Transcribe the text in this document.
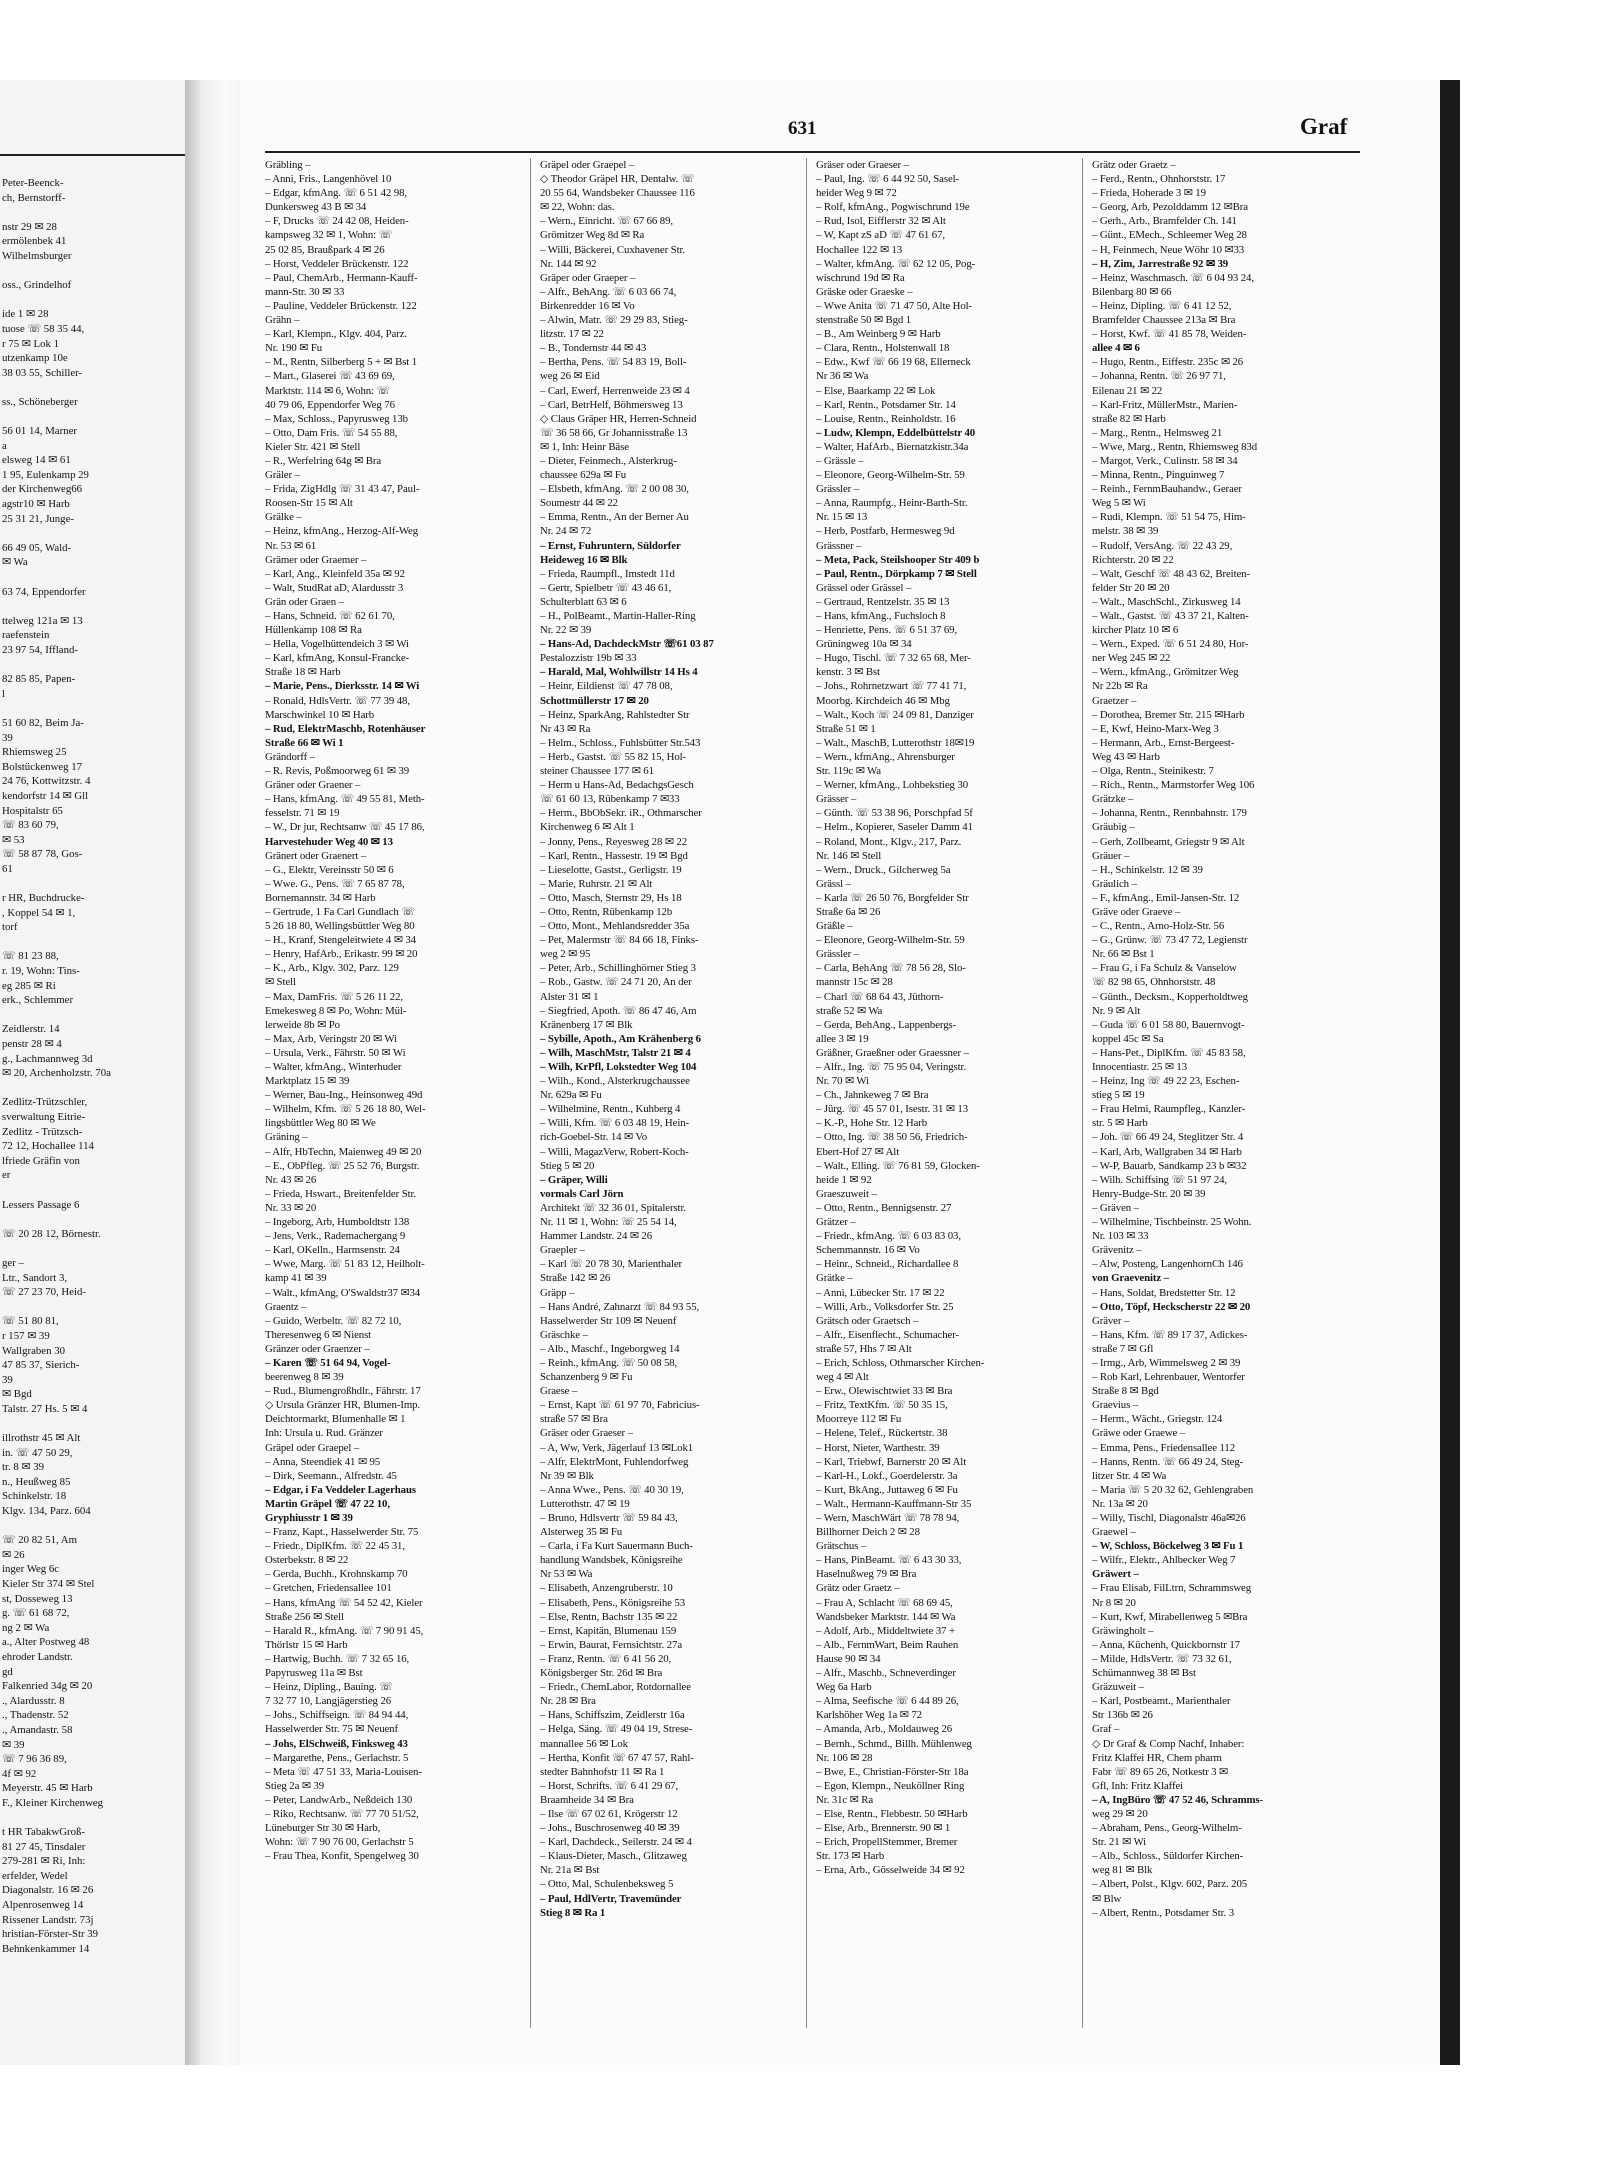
Peter-Beenck-
ch, Bernstorff-

nstr 29 ✉ 28
ermölenbek 41
Wilhelmsburger

oss., Grindelhof

ide 1 ✉ 28
tuose ☏ 58 35 44,
r 75 ✉ Lok 1
utzenkamp 10e
38 03 55, Schiller-

ss., Schöneberger

56 01 14, Marner
a
elsweg 14 ✉ 61
1 95, Eulenkamp 29
der Kirchenweg66
agstr10 ✉ Harb
25 31 21, Junge-

66 49 05, Wald-
✉ Wa

63 74, Eppendorfer

ttelweg 121a ✉ 13
raefenstein
23 97 54, Iffland-

82 85 85, Papen-
l

51 60 82, Beim Ja-
39
Rhiemsweg 25
Bolstückenweg 17
24 76, Kottwitzstr. 4
kendorfstr 14 ✉ Gll
Hospitalstr 65
☏ 83 60 79,
✉ 53
☏ 58 87 78, Gos-
61

r HR, Buchdrucke-
, Koppel 54 ✉ 1,
torf

☏ 81 23 88,
r. 19, Wohn: Tins-
eg 285 ✉ Ri
erk., Schlemmer

Zeidlerstr. 14
penstr 28 ✉ 4
g., Lachmannweg 3d
✉ 20, Archenholzstr. 70a

Zedlitz-Trützschler,
sverwaltung Eitrie-
Zedlitz - Trützsch-
72 12, Hochallee 114
lfriede Gräfin von
er

Lessers Passage 6

☏ 20 28 12, Börnestr.

ger –
Ltr., Sandort 3,
☏ 27 23 70, Heid-

☏ 51 80 81,
r 157 ✉ 39
Wallgraben 30
47 85 37, Sierich-
39
✉ Bgd
Talstr. 27 Hs. 5 ✉ 4

illrothstr 45 ✉ Alt
in. ☏ 47 50 29,
tr. 8 ✉ 39
n., Heußweg 85
Schinkelstr. 18
Klgv. 134, Parz. 604

☏ 20 82 51, Am
✉ 26
inger Weg 6c
Kieler Str 374 ✉ Stel
st, Dosseweg 13
g. ☏ 61 68 72,
ng 2 ✉ Wa
a., Alter Postweg 48
ehroder Landstr.
gd
Falkenried 34g ✉ 20
., Alardusstr. 8
., Thadenstr. 52
., Amandastr. 58
✉ 39
☏ 7 96 36 89,
4f ✉ 92
Meyerstr. 45 ✉ Harb
F., Kleiner Kirchenweg

t HR TabakwGroß-
81 27 45, Tinsdaler
279-281 ✉ Ri, Inh:
erfelder, Wedel
Diagonalstr. 16 ✉ 26
Alpenrosenweg 14
Rissener Landstr. 73j
hristian-Förster-Str 39
Behnkenkammer 14
631	Graf
Gräbling –
– Anni, Fris., Langenhövel 10
– Edgar, kfmAng. ☏ 6 51 42 98,
Dunkersweg 43 B ✉ 34
– F, Drucks ☏ 24 42 08, Heiden-
kampsweg 32 ✉ 1, Wohn: ☏
25 02 85, Braußpark 4 ✉ 26
– Horst, Veddeler Brückenstr. 122
– Paul, ChemArb., Hermann-Kauff-
mann-Str. 30 ✉ 33
– Pauline, Veddeler Brückenstr. 122
Grähn –
– Karl, Klempn., Klgv. 404, Parz.
Nr. 190 ✉ Fu
– M., Rentn, Silberberg 5 + ✉ Bst 1
– Mart., Glaserei ☏ 43 69 69,
Marktstr. 114 ✉ 6, Wohn: ☏
40 79 06, Eppendorfer Weg 76
– Max, Schloss., Papyrusweg 13b
– Otto, Dam Fris. ☏ 54 55 88,
Kieler Str. 421 ✉ Stell
– R., Werfelring 64g ✉ Bra
Gräler –
– Frida, ZigHdlg ☏ 31 43 47, Paul-
Roosen-Str 15 ✉ Alt
Grälke –
– Heinz, kfmAng., Herzog-Alf-Weg
Nr. 53 ✉ 61
Grämer oder Graemer –
– Karl, Ang., Kleinfeld 35a ✉ 92
– Walt, StudRat aD, Alardusstr 3
Grän oder Graen –
– Hans, Schneid. ☏ 62 61 70,
Hüllenkamp 108 ✉ Ra
– Hella, Vogelhüttendeich 3 ✉ Wi
– Karl, kfmAng, Konsul-Francke-
Straße 18 ✉ Harb
– Marie, Pens., Dierksstr. 14 ✉ Wi
– Ronald, HdlsVertr. ☏ 77 39 48,
Marschwinkel 10 ✉ Harb
– Rud, ElektrMaschb, Rotenhäuser
Straße 66 ✉ Wi 1
Grändorff –
– R. Revis, Poßmoorweg 61 ✉ 39
Gräner oder Graener –
– Hans, kfmAng. ☏ 49 55 81, Meth-
fesselstr. 71 ✉ 19
– W., Dr jur, Rechtsanw ☏ 45 17 86,
Harvestehuder Weg 40 ✉ 13
Gränert oder Graenert –
– G., Elektr, Vereinsstr 50 ✉ 6
– Wwe. G., Pens. ☏ 7 65 87 78,
Bornemannstr. 34 ✉ Harb
– Gertrude, 1 Fa Carl Gundlach ☏
5 26 18 80, Wellingsbüttler Weg 80
– H., Kranf, Stengeleitwiete 4 ✉ 34
– Henry, HafArb., Erikastr. 99 ✉ 20
– K., Arb., Klgv. 302, Parz. 129
✉ Stell
– Max, DamFris. ☏ 5 26 11 22,
Emekesweg 8 ✉ Po, Wohn: Mül-
lerweide 8b ✉ Po
– Max, Arb, Veringstr 20 ✉ Wi
– Ursula, Verk., Fährstr. 50 ✉ Wi
– Walter, kfmAng., Winterhuder
Marktplatz 15 ✉ 39
– Werner, Bau-Ing., Heinsonweg 49d
– Wilhelm, Kfm. ☏ 5 26 18 80, Wel-
lingsbüttler Weg 80 ✉ We
Gräning –
– Alfr, HbTechn, Maienweg 49 ✉ 20
– E., ObPfleg. ☏ 25 52 76, Burgstr.
Nr. 43 ✉ 26
– Frieda, Hswart., Breitenfelder Str.
Nr. 33 ✉ 20
– Ingeborg, Arb, Humboldtstr 138
– Jens, Verk., Rademachergang 9
– Karl, OKelln., Harmsenstr. 24
– Wwe, Marg. ☏ 51 83 12, Heilholt-
kamp 41 ✉ 39
– Walt., kfmAng, O'Swaldstr37 ✉34
Graentz –
– Guido, Werbeltr. ☏ 82 72 10,
Theresenweg 6 ✉ Nienst
Gränzer oder Graenzer –
– Karen ☏ 51 64 94, Vogel-
beerenweg 8 ✉ 39
– Rud., Blumengroßhdlr., Fährstr. 17
◇ Ursula Gränzer HR, Blumen-Imp.
Deichtormarkt, Blumenhalle ✉ 1
Inh: Ursula u. Rud. Gränzer
Gräpel oder Graepel –
– Anna, Steendiek 41 ✉ 95
– Dirk, Seemann., Alfredstr. 45
– Edgar, i Fa Veddeler Lagerhaus
Martin Gräpel ☏ 47 22 10,
Gryphiusstr 1 ✉ 39
– Franz, Kapt., Hasselwerder Str. 75
– Friedr., DiplKfm. ☏ 22 45 31,
Osterbekstr. 8 ✉ 22
– Gerda, Buchh., Krohnskamp 70
– Gretchen, Friedensallee 101
– Hans, kfmAng ☏ 54 52 42, Kieler
Straße 256 ✉ Stell
– Harald R., kfmAng. ☏ 7 90 91 45,
Thörlstr 15 ✉ Harb
– Hartwig, Buchh. ☏ 7 32 65 16,
Papyrusweg 11a ✉ Bst
– Heinz, Dipling., Bauing. ☏
7 32 77 10, Langjägerstieg 26
– Johs., Schiffseign. ☏ 84 94 44,
Hasselwerder Str. 75 ✉ Neuenf
– Johs, ElSchweiß, Finksweg 43
– Margarethe, Pens., Gerlachstr. 5
– Meta ☏ 47 51 33, Maria-Louisen-
Stieg 2a ✉ 39
– Peter, LandwArb., Neßdeich 130
– Riko, Rechtsanw. ☏ 77 70 51/52,
Lüneburger Str 30 ✉ Harb,
Wohn: ☏ 7 90 76 00, Gerlachstr 5
– Frau Thea, Konfit, Spengelweg 30
Gräpel oder Graepel –
◇ Theodor Gräpel HR, Dentalw. ☏
20 55 64, Wandsbeker Chaussee 116
✉ 22, Wohn: das.
– Wern., Einricht. ☏ 67 66 89,
Grömitzer Weg 8d ✉ Ra
– Willi, Bäckerei, Cuxhavener Str.
Nr. 144 ✉ 92
Gräper oder Graeper –
– Alfr., BehAng. ☏ 6 03 66 74,
Birkenredder 16 ✉ Vo
– Alwin, Matr. ☏ 29 29 83, Stieg-
litzstr. 17 ✉ 22
– B., Tondernstr 44 ✉ 43
– Bertha, Pens. ☏ 54 83 19, Boll-
weg 26 ✉ Eid
– Carl, Ewerf, Herrenweide 23 ✉ 4
– Carl, BetrHelf, Böhmersweg 13
◇ Claus Gräper HR, Herren-Schneid
☏ 36 58 66, Gr Johannisstraße 13
✉ 1, Inh: Heinr Bäse
– Dieter, Feinmech., Alsterkrug-
chaussee 629a ✉ Fu
– Elsbeth, kfmAng. ☏ 2 00 08 30,
Soumestr 44 ✉ 22
– Emma, Rentn., An der Berner Au
Nr. 24 ✉ 72
– Ernst, Fuhruntern, Süldorfer
Heideweg 16 ✉ Blk
– Frieda, Raumpfl., Imstedt 11d
– Gertr, Spielbetr ☏ 43 46 61,
Schulterblatt 63 ✉ 6
– H., PolBeamt., Martin-Haller-Ring
Nr. 22 ✉ 39
– Hans-Ad, DachdeckMstr ☏61 03 87
Pestalozzistr 19b ✉ 33
– Harald, Mal, Wohlwillstr 14 Hs 4
– Heinr, Eildienst ☏ 47 78 08,
Schottmüllerstr 17 ✉ 20
– Heinz, SparkAng, Rahlstedter Str
Nr 43 ✉ Ra
– Helm., Schloss., Fuhlsbütter Str.543
– Herb., Gastst. ☏ 55 82 15, Hol-
steiner Chaussee 177 ✉ 61
– Herm u Hans-Ad, BedachgsGesch
☏ 61 60 13, Rübenkamp 7 ✉33
– Herm., BbObSekr. iR., Othmarscher
Kirchenweg 6 ✉ Alt 1
– Jonny, Pens., Reyesweg 28 ✉ 22
– Karl, Rentn., Hassestr. 19 ✉ Bgd
– Lieselotte, Gastst., Gerligstr. 19
– Marie, Ruhrstr. 21 ✉ Alt
– Otto, Masch, Sternstr 29, Hs 18
– Otto, Rentn, Rübenkamp 12b
– Otto, Mont., Mehlandsredder 35a
– Pet, Malermstr ☏ 84 66 18, Finks-
weg 2 ✉ 95
– Peter, Arb., Schillinghörner Stieg 3
– Rob., Gastw. ☏ 24 71 20, An der
Alster 31 ✉ 1
– Siegfried, Apoth. ☏ 86 47 46, Am
Kränenberg 17 ✉ Blk
– Sybille, Apoth., Am Krähenberg 6
– Wilh, MaschMstr, Talstr 21 ✉ 4
– Wilh, KrPfl, Lokstedter Weg 104
– Wilh., Kond., Alsterkrugchaussee
Nr. 629a ✉ Fu
– Wilhelmine, Rentn., Kuhberg 4
– Willi, Kfm. ☏ 6 03 48 19, Hein-
rich-Goebel-Str. 14 ✉ Vo
– Willi, MagazVerw, Robert-Koch-
Stieg 5 ✉ 20
– Gräper, Willi
vormals Carl Jörn
Architekt ☏ 32 36 01, Spitalerstr.
Nr. 11 ✉ 1, Wohn: ☏ 25 54 14,
Hammer Landstr. 24 ✉ 26
Graepler –
– Karl ☏ 20 78 30, Marienthaler
Straße 142 ✉ 26
Gräpp –
– Hans André, Zahnarzt ☏ 84 93 55,
Hasselwerder Str 109 ✉ Neuenf
Gräschke –
– Alb., Maschf., Ingeborgweg 14
– Reinh., kfmAng. ☏ 50 08 58,
Schanzenberg 9 ✉ Fu
Graese –
– Ernst, Kapt ☏ 61 97 70, Fabricius-
straße 57 ✉ Bra
Gräser oder Graeser –
– A, Ww, Verk, Jägerlauf 13 ✉Lok1
– Alfr, ElektrMont, Fuhlendorfweg
Nr 39 ✉ Blk
– Anna Wwe., Pens. ☏ 40 30 19,
Lutterothstr. 47 ✉ 19
– Bruno, Hdlsvertr ☏ 59 84 43,
Alsterweg 35 ✉ Fu
– Carla, i Fa Kurt Sauermann Buch-
handlung Wandsbek, Königsreihe
Nr 53 ✉ Wa
– Elisabeth, Anzengruberstr. 10
– Elisabeth, Pens., Königsreihe 53
– Else, Rentn, Bachstr 135 ✉ 22
– Ernst, Kapitän, Blumenau 159
– Erwin, Baurat, Fernsichtstr. 27a
– Franz, Rentn. ☏ 6 41 56 20,
Königsberger Str. 26d ✉ Bra
– Friedr., ChemLabor, Rotdornallee
Nr. 28 ✉ Bra
– Hans, Schiffszim, Zeidlerstr 16a
– Helga, Säng. ☏ 49 04 19, Strese-
mannallee 56 ✉ Lok
– Hertha, Konfit ☏ 67 47 57, Rahl-
stedter Bahnhofstr 11 ✉ Ra 1
– Horst, Schrifts. ☏ 6 41 29 67,
Braamheide 34 ✉ Bra
– Ilse ☏ 67 02 61, Krögerstr 12
– Johs., Buschrosenweg 40 ✉ 39
– Karl, Dachdeck., Seilerstr. 24 ✉ 4
– Klaus-Dieter, Masch., Glitzaweg
Nr. 21a ✉ Bst
– Otto, Mal, Schulenbeksweg 5
– Paul, HdlVertr, Travemünder
Stieg 8 ✉ Ra 1
Gräser oder Graeser –
– Paul, Ing. ☏ 6 44 92 50, Sasel-
heider Weg 9 ✉ 72
– Rolf, kfmAng., Pogwischrund 19e
– Rud, Isol, Eifflerstr 32 ✉ Alt
– W, Kapt zS aD ☏ 47 61 67,
Hochallee 122 ✉ 13
– Walter, kfmAng. ☏ 62 12 05, Pog-
wischrund 19d ✉ Ra
Gräske oder Graeske –
– Wwe Anita ☏ 71 47 50, Alte Hol-
stenstraße 50 ✉ Bgd 1
– B., Am Weinberg 9 ✉ Harb
– Clara, Rentn., Holstenwall 18
– Edw., Kwf ☏ 66 19 68, Ellerneck
Nr 36 ✉ Wa
– Else, Baarkamp 22 ✉ Lok
– Karl, Rentn., Potsdamer Str. 14
– Louise, Rentn., Reinholdstr. 16
– Ludw, Klempn, Eddelbüttelstr 40
– Walter, HafArb., Biernatzkistr.34a
– Grässle –
– Eleonore, Georg-Wilhelm-Str. 59
Grässler –
– Anna, Raumpfg., Heinr-Barth-Str.
Nr. 15 ✉ 13
– Herb, Postfarb, Hermesweg 9d
Grässner –
– Meta, Pack, Steilshooper Str 409 b
– Paul, Rentn., Dörpkamp 7 ✉ Stell
Grässel oder Grässel –
– Gertraud, Rentzelstr. 35 ✉ 13
– Hans, kfmAng., Fuchsloch 8
– Henriette, Pens. ☏ 6 51 37 69,
Grüningweg 10a ✉ 34
– Hugo, Tischl. ☏ 7 32 65 68, Mer-
kenstr. 3 ✉ Bst
– Johs., Rohrnetzwart ☏ 77 41 71,
Moorbg. Kirchdeich 46 ✉ Mbg
– Walt., Koch ☏ 24 09 81, Danziger
Straße 51 ✉ 1
– Walt., MaschB, Lutterothstr 18✉19
– Wern., kfmAng., Ahrensburger
Str. 119c ✉ Wa
– Werner, kfmAng., Lohbekstieg 30
Grässer –
– Günth. ☏ 53 38 96, Porschpfad 5f
– Helm., Kopierer, Saseler Damm 41
– Roland, Mont., Klgv., 217, Parz.
Nr. 146 ✉ Stell
– Wern., Druck., Gilcherweg 5a
Grässl –
– Karla ☏ 26 50 76, Borgfelder Str
Straße 6a ✉ 26
Gräßle –
– Eleonore, Georg-Wilhelm-Str. 59
Grässler –
– Carla, BehAng ☏ 78 56 28, Slo-
mannstr 15c ✉ 28
– Charl ☏ 68 64 43, Jüthorn-
straße 52 ✉ Wa
– Gerda, BehAng., Lappenbergs-
allee 3 ✉ 19
Gräßner, Graeßner oder Graessner –
– Alfr., Ing. ☏ 75 95 04, Veringstr.
Nr. 70 ✉ Wi
– Ch., Jahnkeweg 7 ✉ Bra
– Jürg. ☏ 45 57 01, Isestr. 31 ✉ 13
– K.-P., Hohe Str. 12 Harb
– Otto, Ing. ☏ 38 50 56, Friedrich-
Ebert-Hof 27 ✉ Alt
– Walt., Elling. ☏ 76 81 59, Glocken-
heide 1 ✉ 92
Graeszuweit –
– Otto, Rentn., Bennigsenstr. 27
Grätzer –
– Friedr., kfmAng. ☏ 6 03 83 03,
Schemmannstr. 16 ✉ Vo
– Heinr., Schneid., Richardallee 8
Grätke –
– Anni, Lübecker Str. 17 ✉ 22
– Willi, Arb., Volksdorfer Str. 25
Grätsch oder Graetsch –
– Alfr., Eisenflecht., Schumacher-
straße 57, Hhs 7 ✉ Alt
– Erich, Schloss, Othmarscher Kirchen-
weg 4 ✉ Alt
– Erw., Olewischtwiet 33 ✉ Bra
– Fritz, TextKfm. ☏ 50 35 15,
Moorreye 112 ✉ Fu
– Helene, Telef., Rückertstr. 38
– Horst, Nieter, Warthestr. 39
– Karl, Triebwf, Barnerstr 20 ✉ Alt
– Karl-H., Lokf., Goerdelerstr. 3a
– Kurt, BkAng., Juttaweg 6 ✉ Fu
– Walt., Hermann-Kauffmann-Str 35
– Wern, MaschWärt ☏ 78 78 94,
Billhorner Deich 2 ✉ 28
Grätschus –
– Hans, PinBeamt. ☏ 6 43 30 33,
Haselnußweg 79 ✉ Bra
Grätz oder Graetz –
– Frau A, Schlacht ☏ 68 69 45,
Wandsbeker Marktstr. 144 ✉ Wa
– Adolf, Arb., Middeltwiete 37 +
– Alb., FernmWart, Beim Rauhen
Hause 90 ✉ 34
– Alfr., Maschb., Schneverdinger
Weg 6a Harb
– Alma, Seefische ☏ 6 44 89 26,
Karlshöher Weg 1a ✉ 72
– Amanda, Arb., Moldauweg 26
– Bernh., Schmd., Billh. Mühlenweg
Nr. 106 ✉ 28
– Bwe, E., Christian-Förster-Str 18a
– Egon, Klempn., Neuköllner Ring
Nr. 31c ✉ Ra
– Else, Rentn., Flebbestr. 50 ✉Harb
– Else, Arb., Brennerstr. 90 ✉ 1
– Erich, PropellStemmer, Bremer
Str. 173 ✉ Harb
– Erna, Arb., Gösselweide 34 ✉ 92
Grätz oder Graetz –
– Ferd., Rentn., Ohnhorststr. 17
– Frieda, Hoherade 3 ✉ 19
– Georg, Arb, Pezolddamm 12 ✉Bra
– Gerh., Arb., Bramfelder Ch. 141
– Günt., EMech., Schleemer Weg 28
– H, Feinmech, Neue Wöhr 10 ✉33
– H, Zim, Jarrestraße 92 ✉ 39
– Heinz, Waschmasch. ☏ 6 04 93 24,
Bilenbarg 80 ✉ 66
– Heinz, Dipling. ☏ 6 41 12 52,
Bramfelder Chaussee 213a ✉ Bra
– Horst, Kwf. ☏ 41 85 78, Weiden-
allee 4 ✉ 6
– Hugo, Rentn., Eiffestr. 235c ✉ 26
– Johanna, Rentn. ☏ 26 97 71,
Eilenau 21 ✉ 22
– Karl-Fritz, MüllerMstr., Marien-
straße 82 ✉ Harb
– Marg., Rentn., Helmsweg 21
– Wwe, Marg., Rentn, Rhiemsweg 83d
– Margot, Verk., Culinstr. 58 ✉ 34
– Minna, Rentn., Pinguinweg 7
– Reinh., FernmBauhandw., Geraer
Weg 5 ✉ Wi
– Rudi, Klempn. ☏ 51 54 75, Him-
melstr. 38 ✉ 39
– Rudolf, VersAng. ☏ 22 43 29,
Richterstr. 20 ✉ 22
– Walt, Geschf ☏ 48 43 62, Breiten-
felder Str 20 ✉ 20
– Walt., MaschSchl., Zirkusweg 14
– Walt., Gastst. ☏ 43 37 21, Kalten-
kircher Platz 10 ✉ 6
– Wern., Exped. ☏ 6 51 24 80, Hor-
ner Weg 245 ✉ 22
– Wern., kfmAng., Grömitzer Weg
Nr 22b ✉ Ra
Graetzer –
– Dorothea, Bremer Str. 215 ✉Harb
– E, Kwf, Heino-Marx-Weg 3
– Hermann, Arb., Ernst-Bergeest-
Weg 43 ✉ Harb
– Olga, Rentn., Steinikestr. 7
– Rich., Rentn., Marmstorfer Weg 106
Grätzke –
– Johanna, Rentn., Rennbahnstr. 179
Gräubig –
– Gerh, Zollbeamt, Griegstr 9 ✉ Alt
Gräuer –
– H., Schinkelstr. 12 ✉ 39
Gräulich –
– F., kfmAng., Emil-Jansen-Str. 12
Gräve oder Graeve –
– C., Rentn., Arno-Holz-Str. 56
– G., Grünw. ☏ 73 47 72, Legienstr
Nr. 66 ✉ Bst 1
– Frau G, i Fa Schulz & Vanselow
☏ 82 98 65, Ohnhorststr. 48
– Günth., Decksm., Kopperholdtweg
Nr. 9 ✉ Alt
– Guda ☏ 6 01 58 80, Bauernvogt-
koppel 45c ✉ Sa
– Hans-Pet., DiplKfm. ☏ 45 83 58,
Innocentiastr. 25 ✉ 13
– Heinz, Ing ☏ 49 22 23, Eschen-
stieg 5 ✉ 19
– Frau Helmi, Raumpfleg., Kanzler-
str. 5 ✉ Harb
– Joh. ☏ 66 49 24, Steglitzer Str. 4
– Karl, Arb, Wallgraben 34 ✉ Harb
– W-P, Bauarb, Sandkamp 23 b ✉32
– Wilh. Schiffsing ☏ 51 97 24,
Henry-Budge-Str. 20 ✉ 39
– Gräven –
– Wilhelmine, Tischbeinstr. 25 Wohn.
Nr. 103 ✉ 33
Grävenitz –
– Alw, Posteng, LangenhornCh 146
von Graevenitz –
– Hans, Soldat, Bredstetter Str. 12
– Otto, Töpf, Heckscherstr 22 ✉ 20
Gräver –
– Hans, Kfm. ☏ 89 17 37, Adickes-
straße 7 ✉ Gfl
– Irmg., Arb, Wimmelsweg 2 ✉ 39
– Rob Karl, Lehrenbauer, Wentorfer
Straße 8 ✉ Bgd
Graevius –
– Herm., Wächt., Griegstr. 124
Gräwe oder Graewe –
– Emma, Pens., Friedensallee 112
– Hanns, Rentn. ☏ 66 49 24, Steg-
litzer Str. 4 ✉ Wa
– Maria ☏ 5 20 32 62, Gehlengraben
Nr. 13a ✉ 20
– Willy, Tischl, Diagonalstr 46a✉26
Graewel –
– W, Schloss, Böckelweg 3 ✉ Fu 1
– Wilfr., Elektr., Ahlbecker Weg 7
Gräwert –
– Frau Elisab, FilLtrn, Schrammsweg
Nr 8 ✉ 20
– Kurt, Kwf, Mirabellenweg 5 ✉Bra
Gräwingholt –
– Anna, Küchenh, Quickbornstr 17
– Milde, HdlsVertr. ☏ 73 32 61,
Schümannweg 38 ✉ Bst
Gräzuweit –
– Karl, Postbeamt., Marienthaler
Str 136b ✉ 26
Graf –
◇ Dr Graf & Comp Nachf, Inhaber:
Fritz Klaffei HR, Chem pharm
Fabr ☏ 89 65 26, Notkestr 3 ✉
Gfl, Inh: Fritz Klaffei
– A, IngBüro ☏ 47 52 46, Schramms-
weg 29 ✉ 20
– Abraham, Pens., Georg-Wilhelm-
Str. 21 ✉ Wi
– Alb., Schloss., Süldorfer Kirchen-
weg 81 ✉ Blk
– Albert, Polst., Klgv. 602, Parz. 205
✉ Blw
– Albert, Rentn., Potsdamer Str. 3
